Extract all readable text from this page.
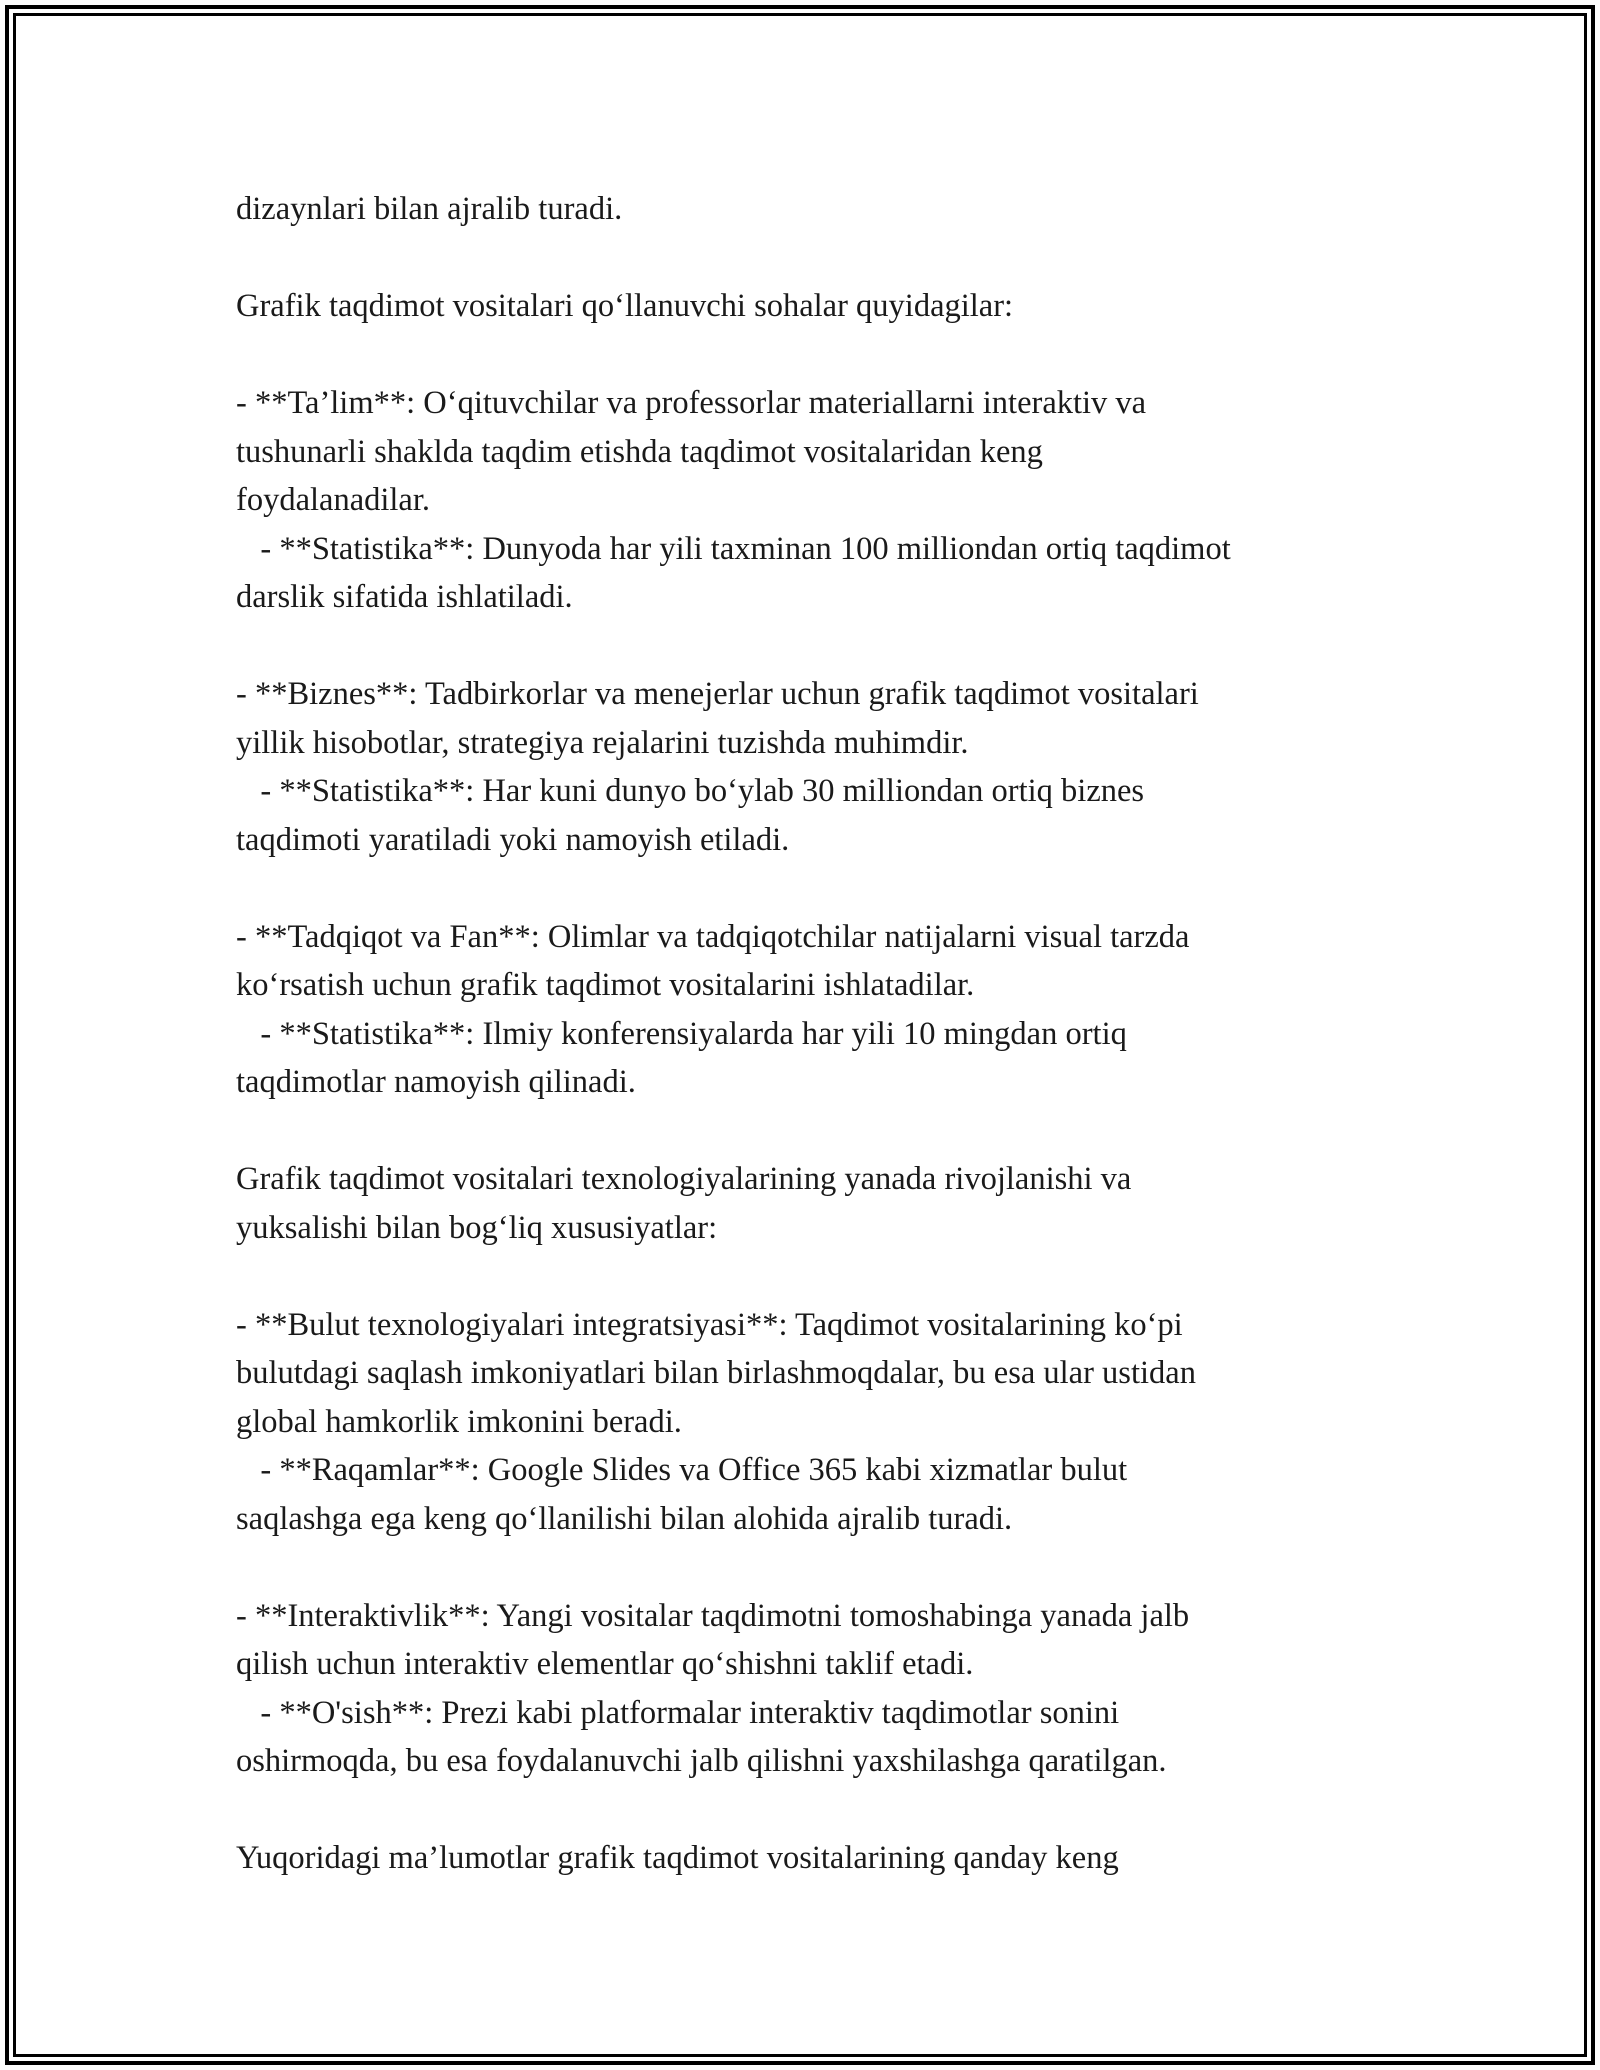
dizaynlari bilan ajralib turadi.
Grafik taqdimot vositalari qo‘llanuvchi sohalar quyidagilar:
- **Ta’lim**: O‘qituvchilar va professorlar materiallarni interaktiv va
tushunarli shaklda taqdim etishda taqdimot vositalaridan keng
foydalanadilar.
- **Statistika**: Dunyoda har yili taxminan 100 milliondan ortiq taqdimot
darslik sifatida ishlatiladi.
- **Biznes**: Tadbirkorlar va menejerlar uchun grafik taqdimot vositalari
yillik hisobotlar, strategiya rejalarini tuzishda muhimdir.
- **Statistika**: Har kuni dunyo bo‘ylab 30 milliondan ortiq biznes
taqdimoti yaratiladi yoki namoyish etiladi.
- **Tadqiqot va Fan**: Olimlar va tadqiqotchilar natijalarni visual tarzda
ko‘rsatish uchun grafik taqdimot vositalarini ishlatadilar.
- **Statistika**: Ilmiy konferensiyalarda har yili 10 mingdan ortiq
taqdimotlar namoyish qilinadi.
Grafik taqdimot vositalari texnologiyalarining yanada rivojlanishi va
yuksalishi bilan bog‘liq xususiyatlar:
- **Bulut texnologiyalari integratsiyasi**: Taqdimot vositalarining ko‘pi
bulutdagi saqlash imkoniyatlari bilan birlashmoqdalar, bu esa ular ustidan
global hamkorlik imkonini beradi.
- **Raqamlar**: Google Slides va Office 365 kabi xizmatlar bulut
saqlashga ega keng qo‘llanilishi bilan alohida ajralib turadi.
- **Interaktivlik**: Yangi vositalar taqdimotni tomoshabinga yanada jalb
qilish uchun interaktiv elementlar qo‘shishni taklif etadi.
- **O'sish**: Prezi kabi platformalar interaktiv taqdimotlar sonini
oshirmoqda, bu esa foydalanuvchi jalb qilishni yaxshilashga qaratilgan.
Yuqoridagi ma’lumotlar grafik taqdimot vositalarining qanday keng
